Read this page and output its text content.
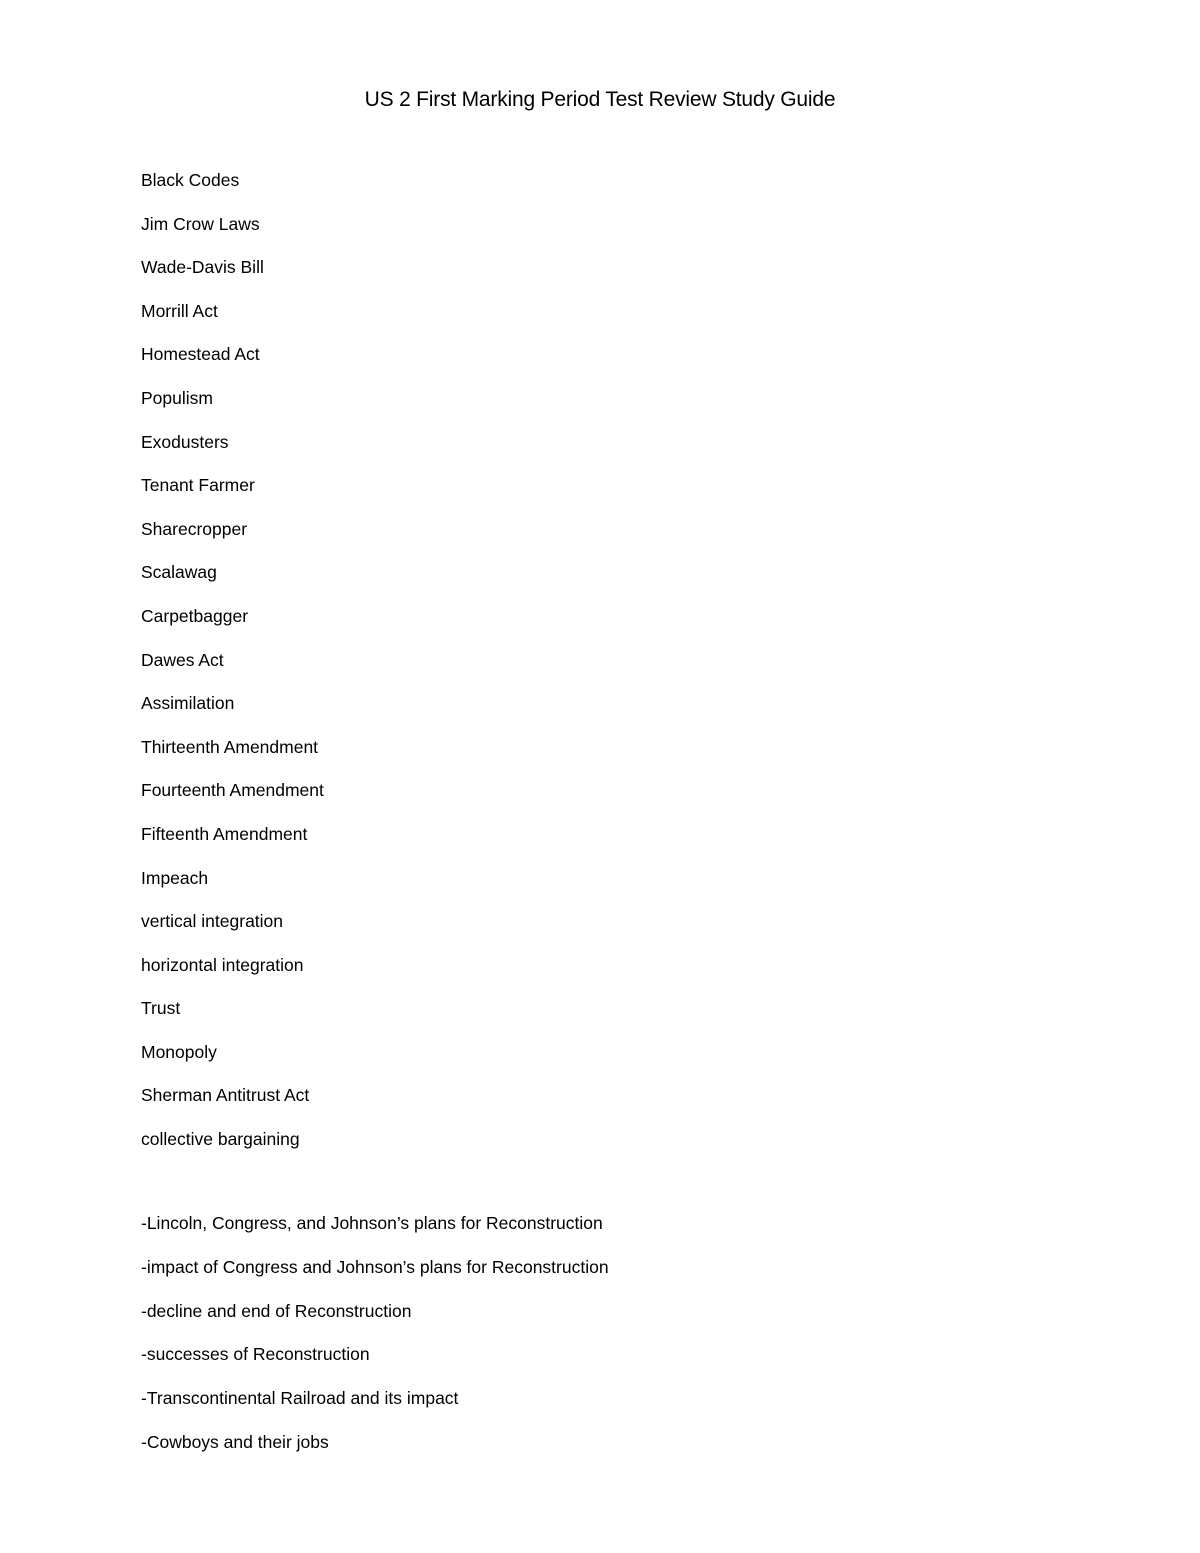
US 2 First Marking Period Test Review Study Guide
Black Codes
Jim Crow Laws
Wade-Davis Bill
Morrill Act
Homestead Act
Populism
Exodusters
Tenant Farmer
Sharecropper
Scalawag
Carpetbagger
Dawes Act
Assimilation
Thirteenth Amendment
Fourteenth Amendment
Fifteenth Amendment
Impeach
vertical integration
horizontal integration
Trust
Monopoly
Sherman Antitrust Act
collective bargaining
-Lincoln, Congress, and Johnson’s plans for Reconstruction
-impact of Congress and Johnson’s plans for Reconstruction
-decline and end of Reconstruction
-successes of Reconstruction
-Transcontinental Railroad and its impact
-Cowboys and their jobs
